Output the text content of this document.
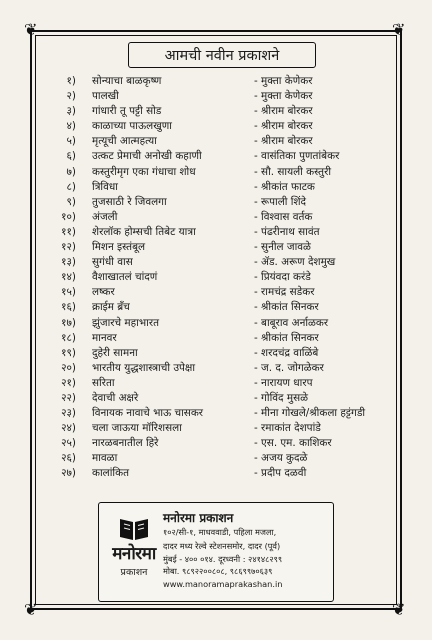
❦	❦
❦	❦
आमची नवीन प्रकाशने
१) सोन्याचा बाळकृष्ण	- मुक्ता केणेकर
२) पालखी	- मुक्ता केणेकर
३) गांधारी तू पट्टी सोड	- श्रीराम बोरकर
४) काळाच्या पाऊलखुणा	- श्रीराम बोरकर
५) मृत्यूची आत्महत्या	- श्रीराम बोरकर
६) उत्कट प्रेमाची अनोखी कहाणी	- वासंतिका पुणतांबेकर
७) कस्तुरीमृग एका गंधाचा शोध	- सौ. सायली कस्तुरी
८) त्रिविधा	- श्रीकांत फाटक
९) तुजसाठी रे जिवलगा	- रूपाली शिंदे
१०) अंजली	- विश्वास वर्तक
११) शेरलॉक होम्सची तिबेट यात्रा	- पंढरीनाथ सावंत
१२) मिशन इस्तंबूल	- सुनील जावळे
१३) सुगंधी वास	- ॲड. अरूण देशमुख
१४) वैशाखातलं चांदणं	- प्रियंवदा करंडे
१५) लष्कर	- रामचंद्र सडेकर
१६) क्राईम ब्रँच	- श्रीकांत सिनकर
१७) झुंजारचे महाभारत	- बाबूराव अर्नाळकर
१८) मानवर	- श्रीकांत सिनकर
१९) दुहेरी सामना	- शरदचंद्र वाळिंबे
२०) भारतीय युद्धशास्त्राची उपेक्षा	- ज. द. जोगळेकर
२१) सरिता	- नारायण धारप
२२) देवाची अक्षरे	- गोविंद मुसळे
२३) विनायक नावाचे भाऊ चासकर	- मीना गोखले/श्रीकला हट्टंगडी
२४) चला जाऊया मॉरिशसला	- रमाकांत देशपांडे
२५) नारळबनातील हिरे	- एस. एम. काशिकर
२६) मावळा	- अजय कुदळे
२७) कालांकित	- प्रदीप दळवी
मनोरमा
प्रकाशन
मनोरमा प्रकाशन
१०२/सी-१, माधववाडी, पहिला मजला,
दादर मध्य रेल्वे स्टेशनसमोर, दादर (पूर्व)
मुंबई - ४०० ०१४. दूरध्वनी : २४१४८२९९
मोबा. ९८९२२००८०८, ९८६९९७०६३९
www.manoramaprakashan.in
